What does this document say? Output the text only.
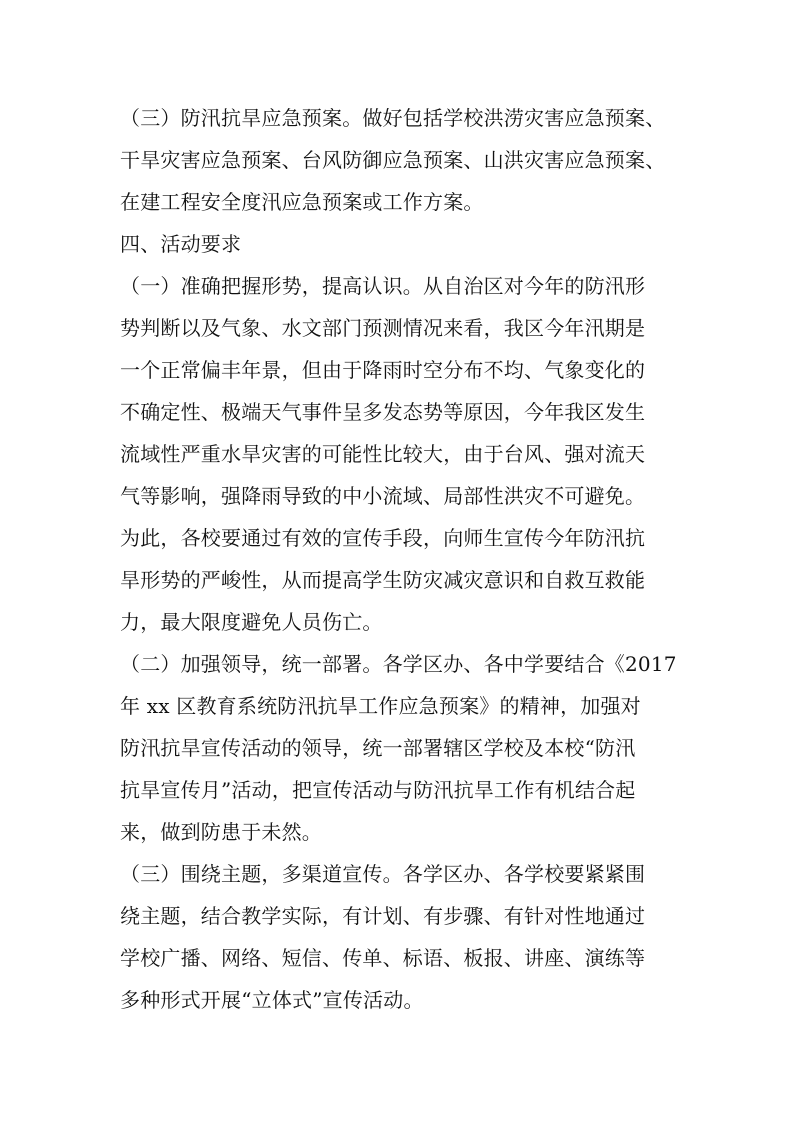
（三）防汛抗旱应急预案。做好包括学校洪涝灾害应急预案、
干旱灾害应急预案、台风防御应急预案、山洪灾害应急预案、
在建工程安全度汛应急预案或工作方案。
四、活动要求
（一）准确把握形势，提高认识。从自治区对今年的防汛形
势判断以及气象、水文部门预测情况来看，我区今年汛期是
一个正常偏丰年景，但由于降雨时空分布不均、气象变化的
不确定性、极端天气事件呈多发态势等原因，今年我区发生
流域性严重水旱灾害的可能性比较大，由于台风、强对流天
气等影响，强降雨导致的中小流域、局部性洪灾不可避免。
为此，各校要通过有效的宣传手段，向师生宣传今年防汛抗
旱形势的严峻性，从而提高学生防灾减灾意识和自救互救能
力，最大限度避免人员伤亡。
（二）加强领导，统一部署。各学区办、各中学要结合《2017
年 xx 区教育系统防汛抗旱工作应急预案》的精神，加强对
防汛抗旱宣传活动的领导，统一部署辖区学校及本校“防汛
抗旱宣传月”活动，把宣传活动与防汛抗旱工作有机结合起
来，做到防患于未然。
（三）围绕主题，多渠道宣传。各学区办、各学校要紧紧围
绕主题，结合教学实际，有计划、有步骤、有针对性地通过
学校广播、网络、短信、传单、标语、板报、讲座、演练等
多种形式开展“立体式”宣传活动。
